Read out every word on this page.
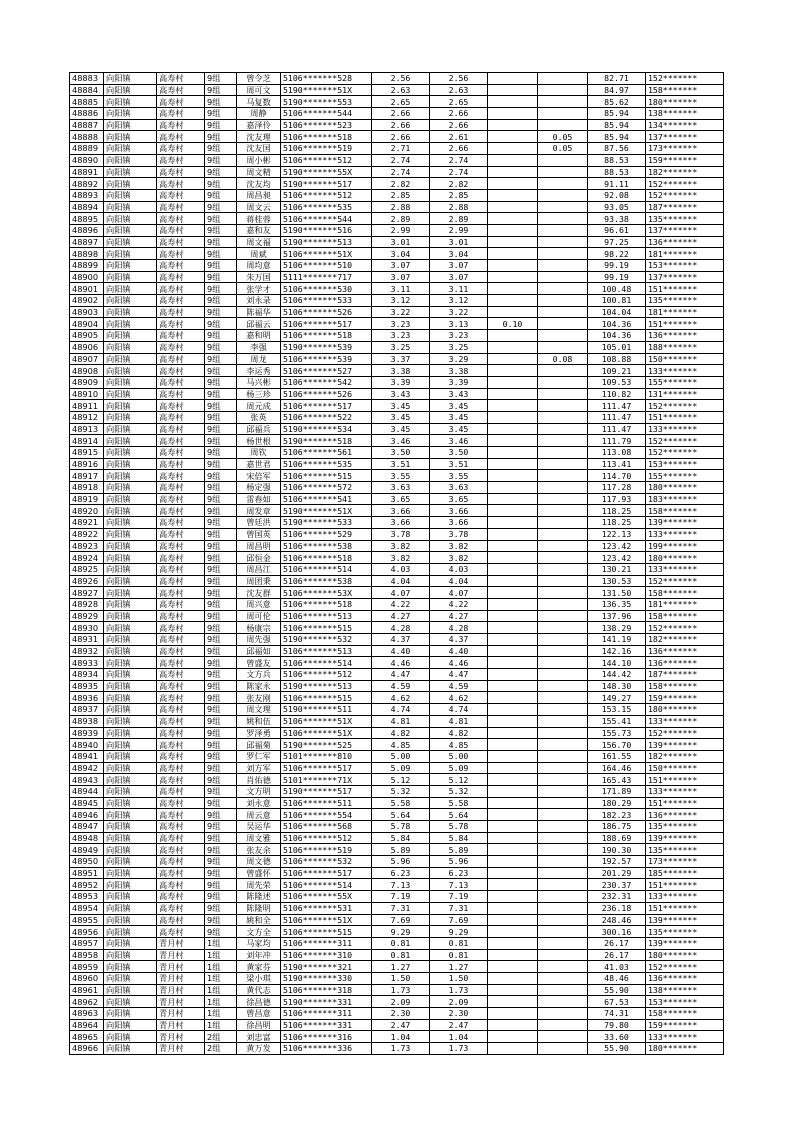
48883	向阳镇	高寿村	9组	曾令芝	5106*******528	2.56	2.56			82.71	152*******
48884	向阳镇	高寿村	9组	周可文	5190*******51X	2.63	2.63			84.97	158*******
48885	向阳镇	高寿村	9组	马复数	5190*******553	2.65	2.65			85.62	180*******
48886	向阳镇	高寿村	9组	周静	5106*******544	2.66	2.66			85.94	138*******
48887	向阳镇	高寿村	9组	嘉泽伶	5106*******523	2.66	2.66			85.94	134*******
48888	向阳镇	高寿村	9组	沈友理	5106*******518	2.66	2.61		0.05	85.94	137*******
48889	向阳镇	高寿村	9组	沈友国	5106*******519	2.71	2.66		0.05	87.56	173*******
48890	向阳镇	高寿村	9组	周小彬	5106*******512	2.74	2.74			88.53	159*******
48891	向阳镇	高寿村	9组	周文精	5190*******55X	2.74	2.74			88.53	182*******
48892	向阳镇	高寿村	9组	沈友均	5190*******517	2.82	2.82			91.11	152*******
48893	向阳镇	高寿村	9组	周昌昶	5106*******512	2.85	2.85			92.08	152*******
48894	向阳镇	高寿村	9组	周文云	5106*******535	2.88	2.88			93.05	187*******
48895	向阳镇	高寿村	9组	蒋桂蓉	5106*******544	2.89	2.89			93.38	135*******
48896	向阳镇	高寿村	9组	嘉和友	5190*******516	2.99	2.99			96.61	137*******
48897	向阳镇	高寿村	9组	周文福	5190*******513	3.01	3.01			97.25	136*******
48898	向阳镇	高寿村	9组	周斌	5106*******51X	3.04	3.04			98.22	181*******
48899	向阳镇	高寿村	9组	周均意	5106*******510	3.07	3.07			99.19	153*******
48900	向阳镇	高寿村	9组	朱万国	5111*******717	3.07	3.07			99.19	137*******
48901	向阳镇	高寿村	9组	张学才	5106*******530	3.11	3.11			100.48	151*******
48902	向阳镇	高寿村	9组	刘永录	5106*******533	3.12	3.12			100.81	135*******
48903	向阳镇	高寿村	9组	陈福华	5106*******526	3.22	3.22			104.04	181*******
48904	向阳镇	高寿村	9组	邱福云	5106*******517	3.23	3.13	0.10		104.36	151*******
48905	向阳镇	高寿村	9组	嘉和明	5106*******518	3.23	3.23			104.36	136*******
48906	向阳镇	高寿村	9组	李强	5190*******539	3.25	3.25			105.01	188*******
48907	向阳镇	高寿村	9组	周龙	5106*******539	3.37	3.29		0.08	108.88	150*******
48908	向阳镇	高寿村	9组	李运秀	5106*******527	3.38	3.38			109.21	133*******
48909	向阳镇	高寿村	9组	马兴彬	5106*******542	3.39	3.39			109.53	155*******
48910	向阳镇	高寿村	9组	杨三珍	5106*******526	3.43	3.43			110.82	131*******
48911	向阳镇	高寿村	9组	周元成	5106*******517	3.45	3.45			111.47	152*******
48912	向阳镇	高寿村	9组	张英	5106*******522	3.45	3.45			111.47	151*******
48913	向阳镇	高寿村	9组	邱福兵	5190*******534	3.45	3.45			111.47	133*******
48914	向阳镇	高寿村	9组	杨世根	5190*******518	3.46	3.46			111.79	152*******
48915	向阳镇	高寿村	9组	周钦	5106*******561	3.50	3.50			113.08	152*******
48916	向阳镇	高寿村	9组	嘉世君	5106*******535	3.51	3.51			113.41	153*******
48917	向阳镇	高寿村	9组	宋倍军	5106*******515	3.55	3.55			114.70	155*******
48918	向阳镇	高寿村	9组	杨定强	5106*******572	3.63	3.63			117.28	180*******
48919	向阳镇	高寿村	9组	雷春如	5106*******541	3.65	3.65			117.93	183*******
48920	向阳镇	高寿村	9组	周发章	5190*******51X	3.66	3.66			118.25	158*******
48921	向阳镇	高寿村	9组	曾廷洪	5190*******533	3.66	3.66			118.25	139*******
48922	向阳镇	高寿村	9组	曾国英	5106*******529	3.78	3.78			122.13	133*******
48923	向阳镇	高寿村	9组	周昌明	5106*******538	3.82	3.82			123.42	199*******
48924	向阳镇	高寿村	9组	邱恒金	5106*******518	3.82	3.82			123.42	180*******
48925	向阳镇	高寿村	9组	周昌江	5106*******514	4.03	4.03			130.21	133*******
48926	向阳镇	高寿村	9组	周团秉	5106*******538	4.04	4.04			130.53	152*******
48927	向阳镇	高寿村	9组	沈友群	5106*******53X	4.07	4.07			131.50	158*******
48928	向阳镇	高寿村	9组	周兴意	5106*******518	4.22	4.22			136.35	181*******
48929	向阳镇	高寿村	9组	周可伦	5106*******513	4.27	4.27			137.96	158*******
48930	向阳镇	高寿村	9组	杨康宗	5106*******515	4.28	4.28			138.29	152*******
48931	向阳镇	高寿村	9组	周先强	5190*******532	4.37	4.37			141.19	182*******
48932	向阳镇	高寿村	9组	邱福如	5106*******513	4.40	4.40			142.16	136*******
48933	向阳镇	高寿村	9组	曾盛友	5106*******514	4.46	4.46			144.10	136*******
48934	向阳镇	高寿村	9组	文方兵	5106*******512	4.47	4.47			144.42	187*******
48935	向阳镇	高寿村	9组	陈家永	5190*******513	4.59	4.59			148.30	158*******
48936	向阳镇	高寿村	9组	张友刚	5106*******515	4.62	4.62			149.27	159*******
48937	向阳镇	高寿村	9组	周文理	5190*******511	4.74	4.74			153.15	180*******
48938	向阳镇	高寿村	9组	姚和伍	5106*******51X	4.81	4.81			155.41	133*******
48939	向阳镇	高寿村	9组	罗泽勇	5106*******51X	4.82	4.82			155.73	152*******
48940	向阳镇	高寿村	9组	邱福菊	5190*******525	4.85	4.85			156.70	139*******
48941	向阳镇	高寿村	9组	罗仁军	5101*******810	5.00	5.00			161.55	182*******
48942	向阳镇	高寿村	9组	刘方军	5106*******517	5.09	5.09			164.46	150*******
48943	向阳镇	高寿村	9组	肖佑德	5101*******71X	5.12	5.12			165.43	151*******
48944	向阳镇	高寿村	9组	文方明	5190*******517	5.32	5.32			171.89	133*******
48945	向阳镇	高寿村	9组	刘永意	5106*******511	5.58	5.58			180.29	151*******
48946	向阳镇	高寿村	9组	周云意	5106*******554	5.64	5.64			182.23	136*******
48947	向阳镇	高寿村	9组	吴运华	5106*******568	5.78	5.78			186.75	135*******
48948	向阳镇	高寿村	9组	周文雅	5106*******512	5.84	5.84			188.69	139*******
48949	向阳镇	高寿村	9组	张友余	5106*******519	5.89	5.89			190.30	135*******
48950	向阳镇	高寿村	9组	周文德	5106*******532	5.96	5.96			192.57	173*******
48951	向阳镇	高寿村	9组	曾盛怀	5106*******517	6.23	6.23			201.29	185*******
48952	向阳镇	高寿村	9组	周先荣	5106*******514	7.13	7.13			230.37	151*******
48953	向阳镇	高寿村	9组	陈隆述	5106*******55X	7.19	7.19			232.31	133*******
48954	向阳镇	高寿村	9组	陈隆明	5106*******531	7.31	7.31			236.18	151*******
48955	向阳镇	高寿村	9组	姚和全	5106*******51X	7.69	7.69			248.46	139*******
48956	向阳镇	高寿村	9组	文方全	5106*******515	9.29	9.29			300.16	135*******
48957	向阳镇	青月村	1组	马家均	5106*******311	0.81	0.81			26.17	139*******
48958	向阳镇	青月村	1组	刘年冲	5106*******310	0.81	0.81			26.17	180*******
48959	向阳镇	青月村	1组	黄家芬	5190*******321	1.27	1.27			41.03	152*******
48960	向阳镇	青月村	1组	梁小琪	5190*******330	1.50	1.50			48.46	136*******
48961	向阳镇	青月村	1组	黄代志	5106*******318	1.73	1.73			55.90	138*******
48962	向阳镇	青月村	1组	徐昌德	5190*******331	2.09	2.09			67.53	153*******
48963	向阳镇	青月村	1组	曾昌意	5106*******311	2.30	2.30			74.31	158*******
48964	向阳镇	青月村	1组	徐昌明	5106*******331	2.47	2.47			79.80	159*******
48965	向阳镇	青月村	2组	刘忠富	5106*******316	1.04	1.04			33.60	133*******
48966	向阳镇	青月村	2组	黄万发	5106*******336	1.73	1.73			55.90	180*******
